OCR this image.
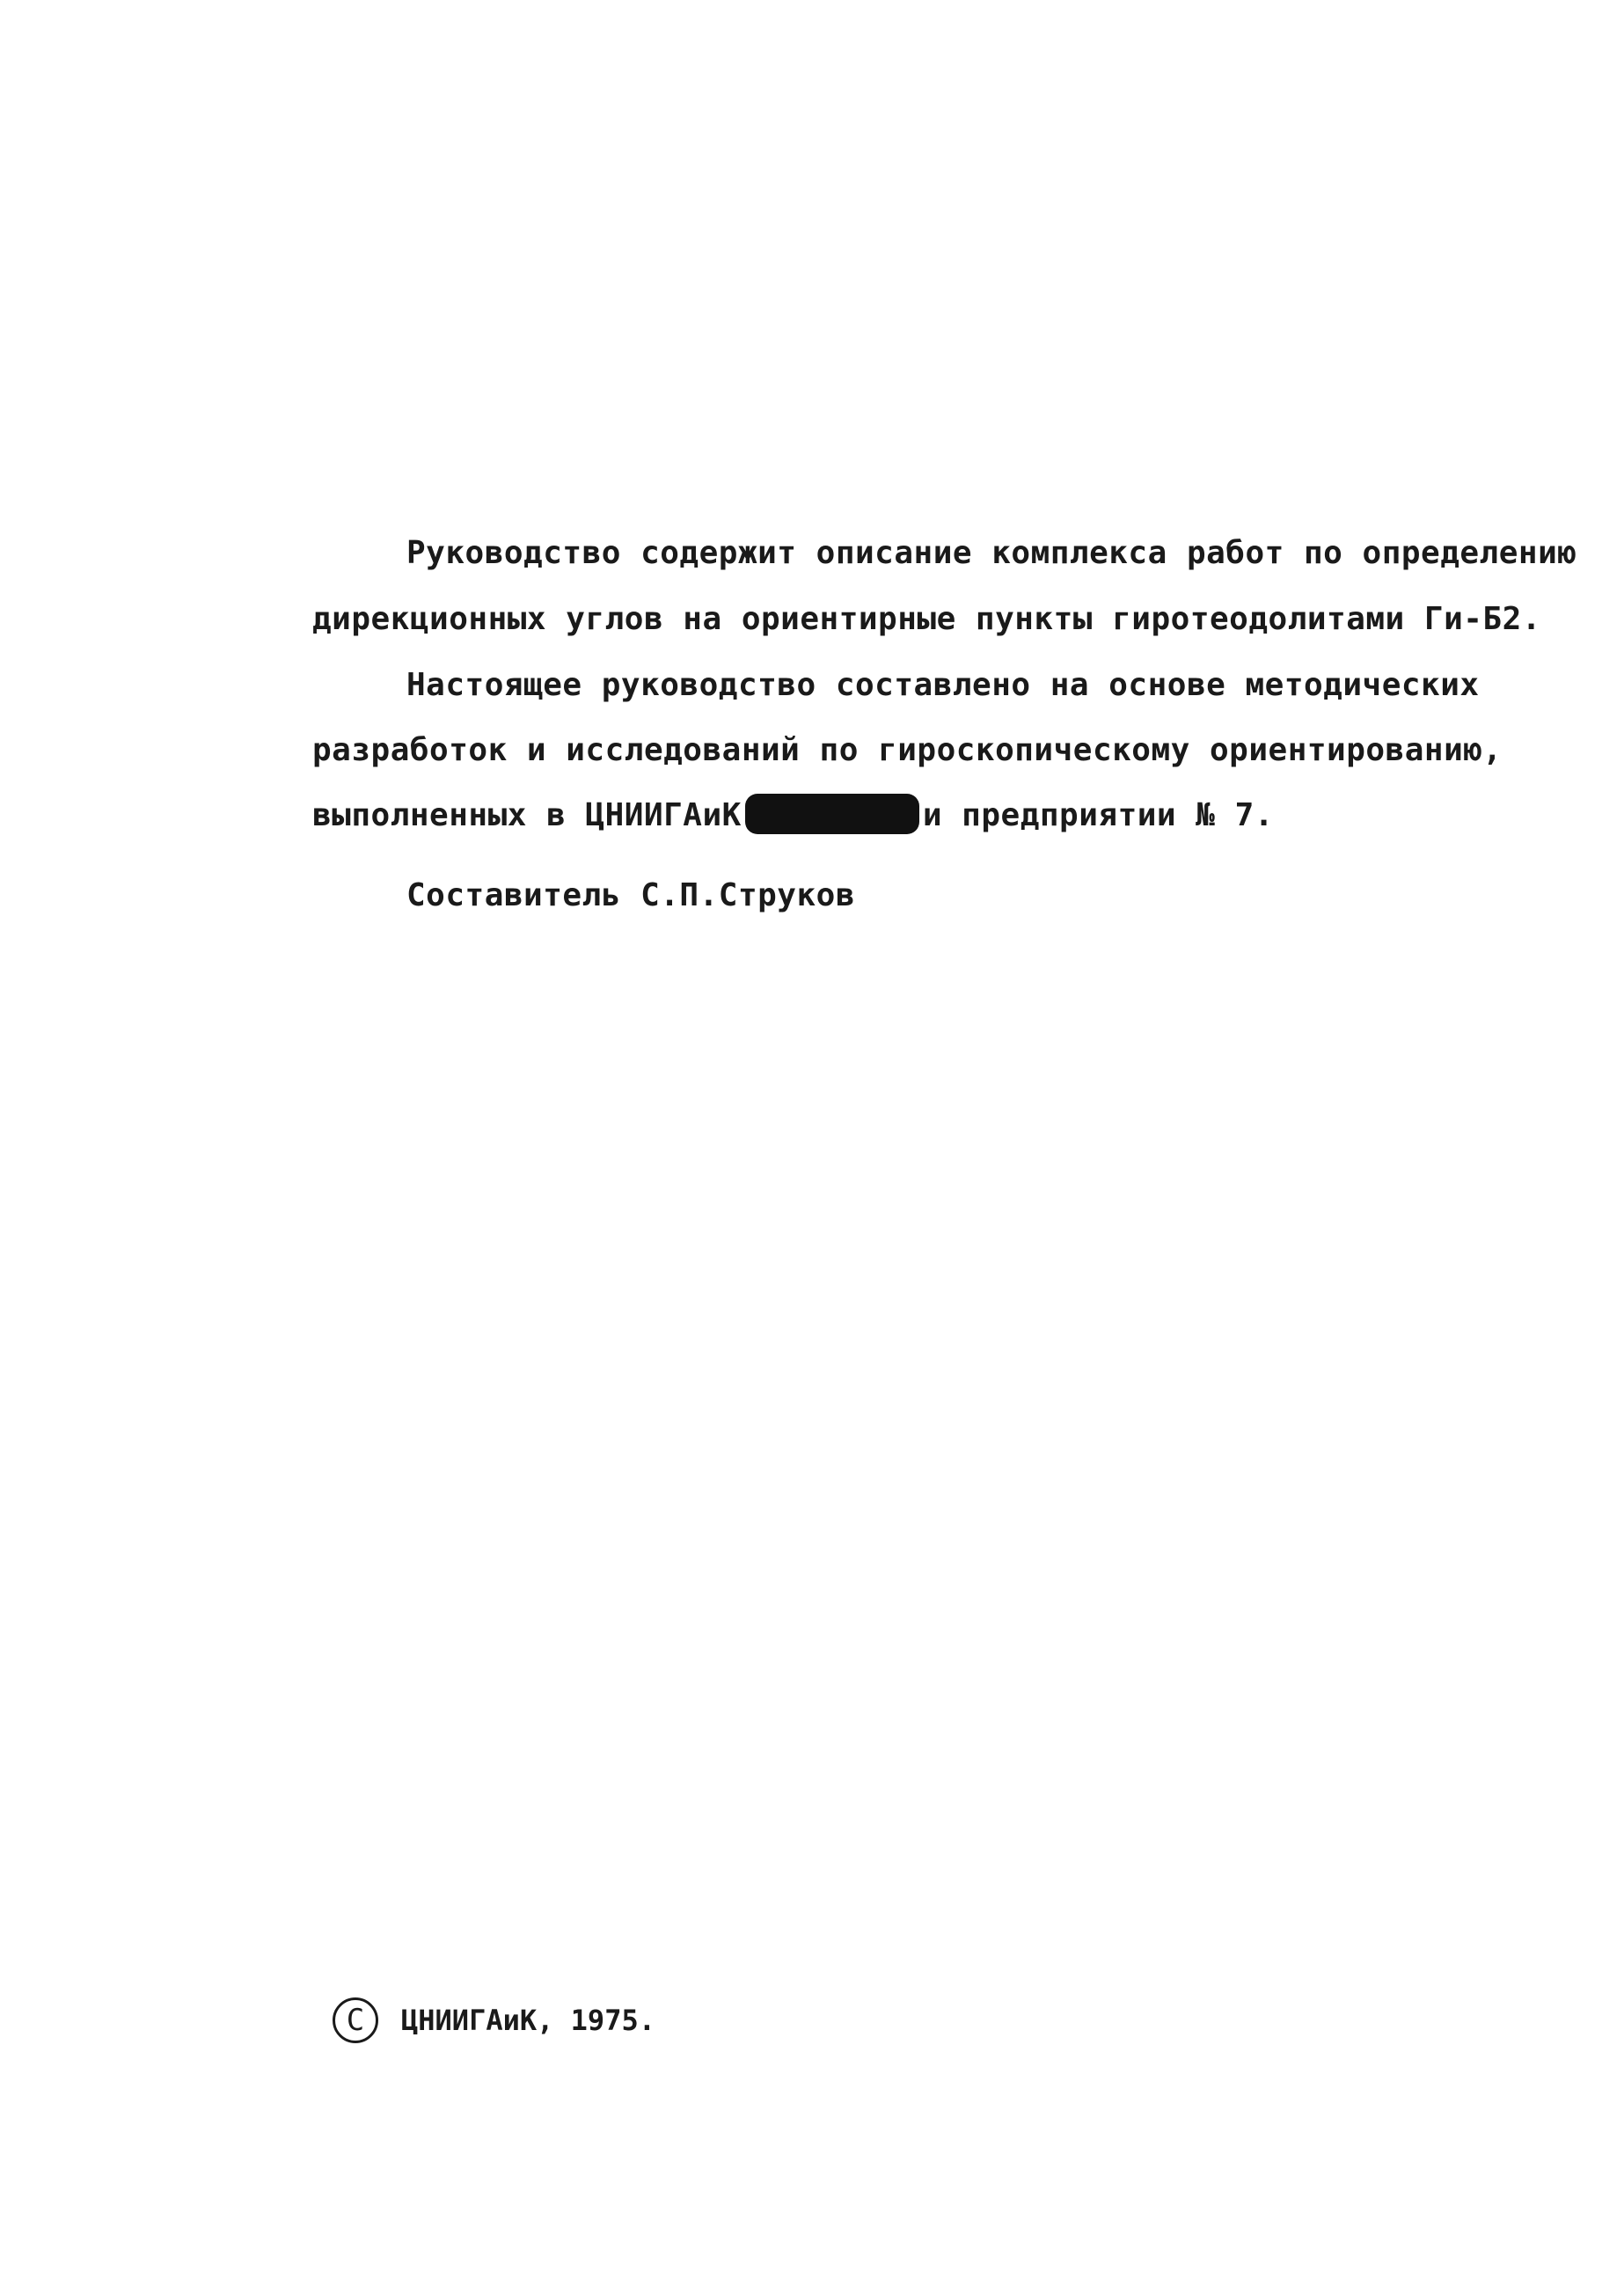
Руководство содержит описание комплекса работ по определению
дирекционных углов на ориентирные пункты гиротеодолитами Ги-Б2.
Настоящее руководство составлено на основе методических
разработок и исследований по гироскопическому ориентированию,
выполненных в ЦНИИГАиК	и предприятии № 7.
Составитель С.П.Струков
C	ЦНИИГАиК, 1975.
